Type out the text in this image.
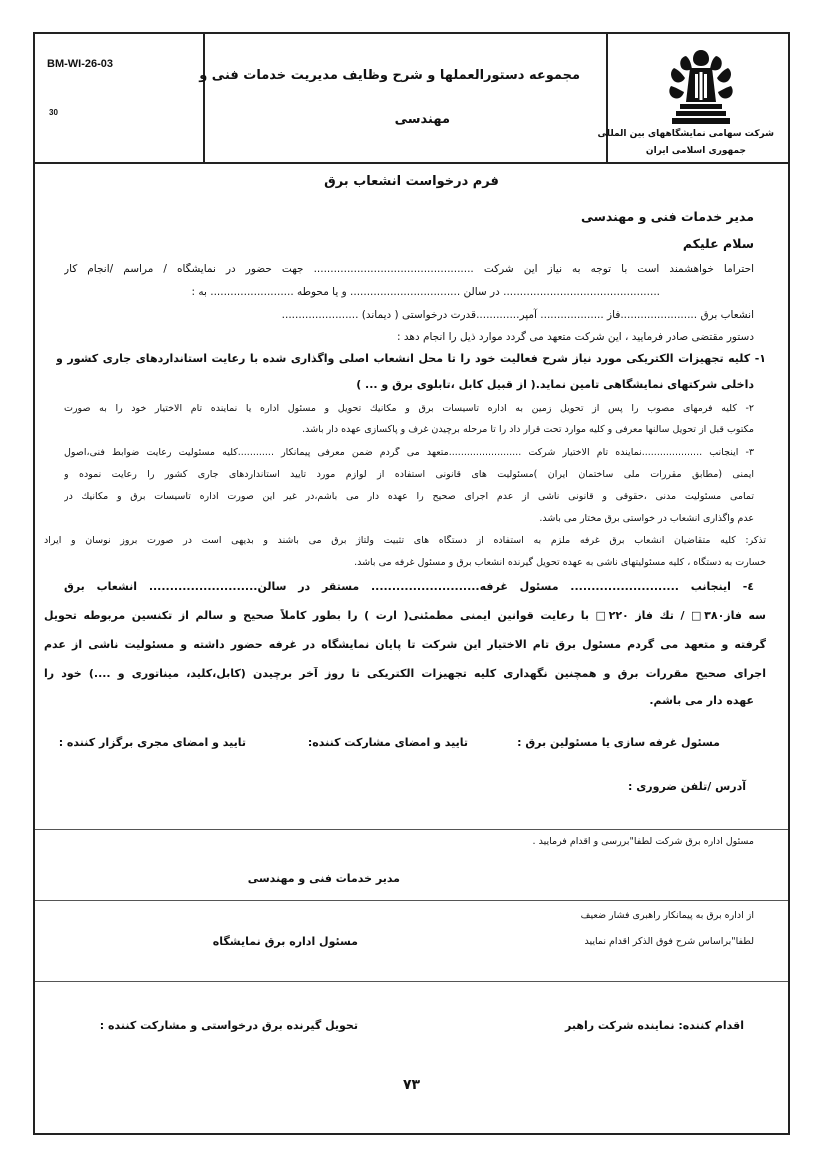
BM-WI-26-03
30
مجموعه دستورالعملها و شرح وظايف مديريت خدمات فنی و
مهندسی
شركت سهامی نمايشگاههای بين المللی
جمهوری اسلامی ايران
فرم درخواست انشعاب برق
مدير خدمات فنی و مهندسی
سلام عليكم
احتراما خواهشمند است با توجه به نياز اين شركت ................................................ جهت حضور در نمايشگاه / مراسم /انجام كار
............................................... در سالن ................................. و يا محوطه ......................... به :
انشعاب برق .......................فاز ................... آمپر.............قدرت درخواستی ( ديماند) .......................
دستور مقتضی صادر فرماييد ، اين شركت متعهد می گردد موارد ذيل را انجام دهد :
١- كليه تجهيزات الكتريكی مورد نياز شرح فعاليت خود را تا محل انشعاب اصلی واگذاری شده با رعايت استانداردهای جاری كشور و
داخلی شركتهای نمايشگاهی تامين نمايد.( از قبيل كابل ،تابلوی برق و ... )
٢- كليه فرمهای مصوب را پس از تحويل زمين به اداره تاسيسات برق و مكانيك تحويل و مسئول اداره يا نماينده تام الاختيار خود را به صورت
مكتوب قبل از تحويل سالنها معرفی و كليه موارد تحت قرار داد را تا مرحله برچيدن غرف و پاكسازی عهده دار باشد.
٣- اينجانب ....................نماينده تام الاختيار شركت ........................متعهد می گردم ضمن معرفی پيمانكار ............كليه مسئوليت رعايت ضوابط فنی،اصول
ايمنی (مطابق مقررات ملی ساختمان ايران )مسئوليت های قانونی استفاده از لوازم مورد تاييد استانداردهای جاری كشور را رعايت نموده و
تمامی مسئوليت مدنی ،حقوقی و قانونی ناشی از عدم اجرای صحيح را عهده دار می باشم،در غير اين صورت اداره تاسيسات برق و مكانيك در
عدم واگذاری انشعاب در خواستی برق مختار می باشد.
تذكر: كليه متقاضيان انشعاب برق غرفه ملزم به استفاده از دستگاه های تثبيت ولتاژ برق می باشند و بديهی است در صورت بروز نوسان و ايراد
خسارت به دستگاه ، كليه مسئوليتهای ناشی به عهده تحويل گيرنده انشعاب برق و مسئول غرفه می باشد.
٤- اينجانب .......................... مسئول غرفه.......................... مستقر در سالن.......................... انشعاب برق
سه فاز٣٨٠□ / تك فاز ٢٢٠□ با رعايت قوانين ايمنی مطمئنی( ارت ) را بطور كاملاً صحيح و سالم از تكنسين مربوطه تحويل
گرفته و متعهد می گردم مسئول برق تام الاختيار اين شركت تا پايان نمايشگاه در غرفه حضور داشته و مسئوليت ناشی از عدم
اجرای صحيح مقررات برق و همچنين نگهداری كليه تجهيزات الكتريكی تا روز آخر برچيدن (كابل،كليد، ميناتوری و ....) خود را
عهده دار می باشم.
مسئول غرفه سازی يا مسئولين برق :
تاييد و امضای مشاركت كننده:
تاييد و امضای مجری برگزار كننده :
آدرس /تلفن ضروری :
مسئول اداره برق شركت لطفا"بررسی و اقدام فرماييد .
مدير خدمات فنی و مهندسی
از اداره برق به پيمانكار راهبری فشار ضعيف
لطفا"براساس شرح فوق الذكر اقدام نماييد
مسئول اداره برق نمايشگاه
اقدام كننده: نماينده شركت راهبر
تحويل گيرنده برق درخواستی و مشاركت كننده :
٧٣
